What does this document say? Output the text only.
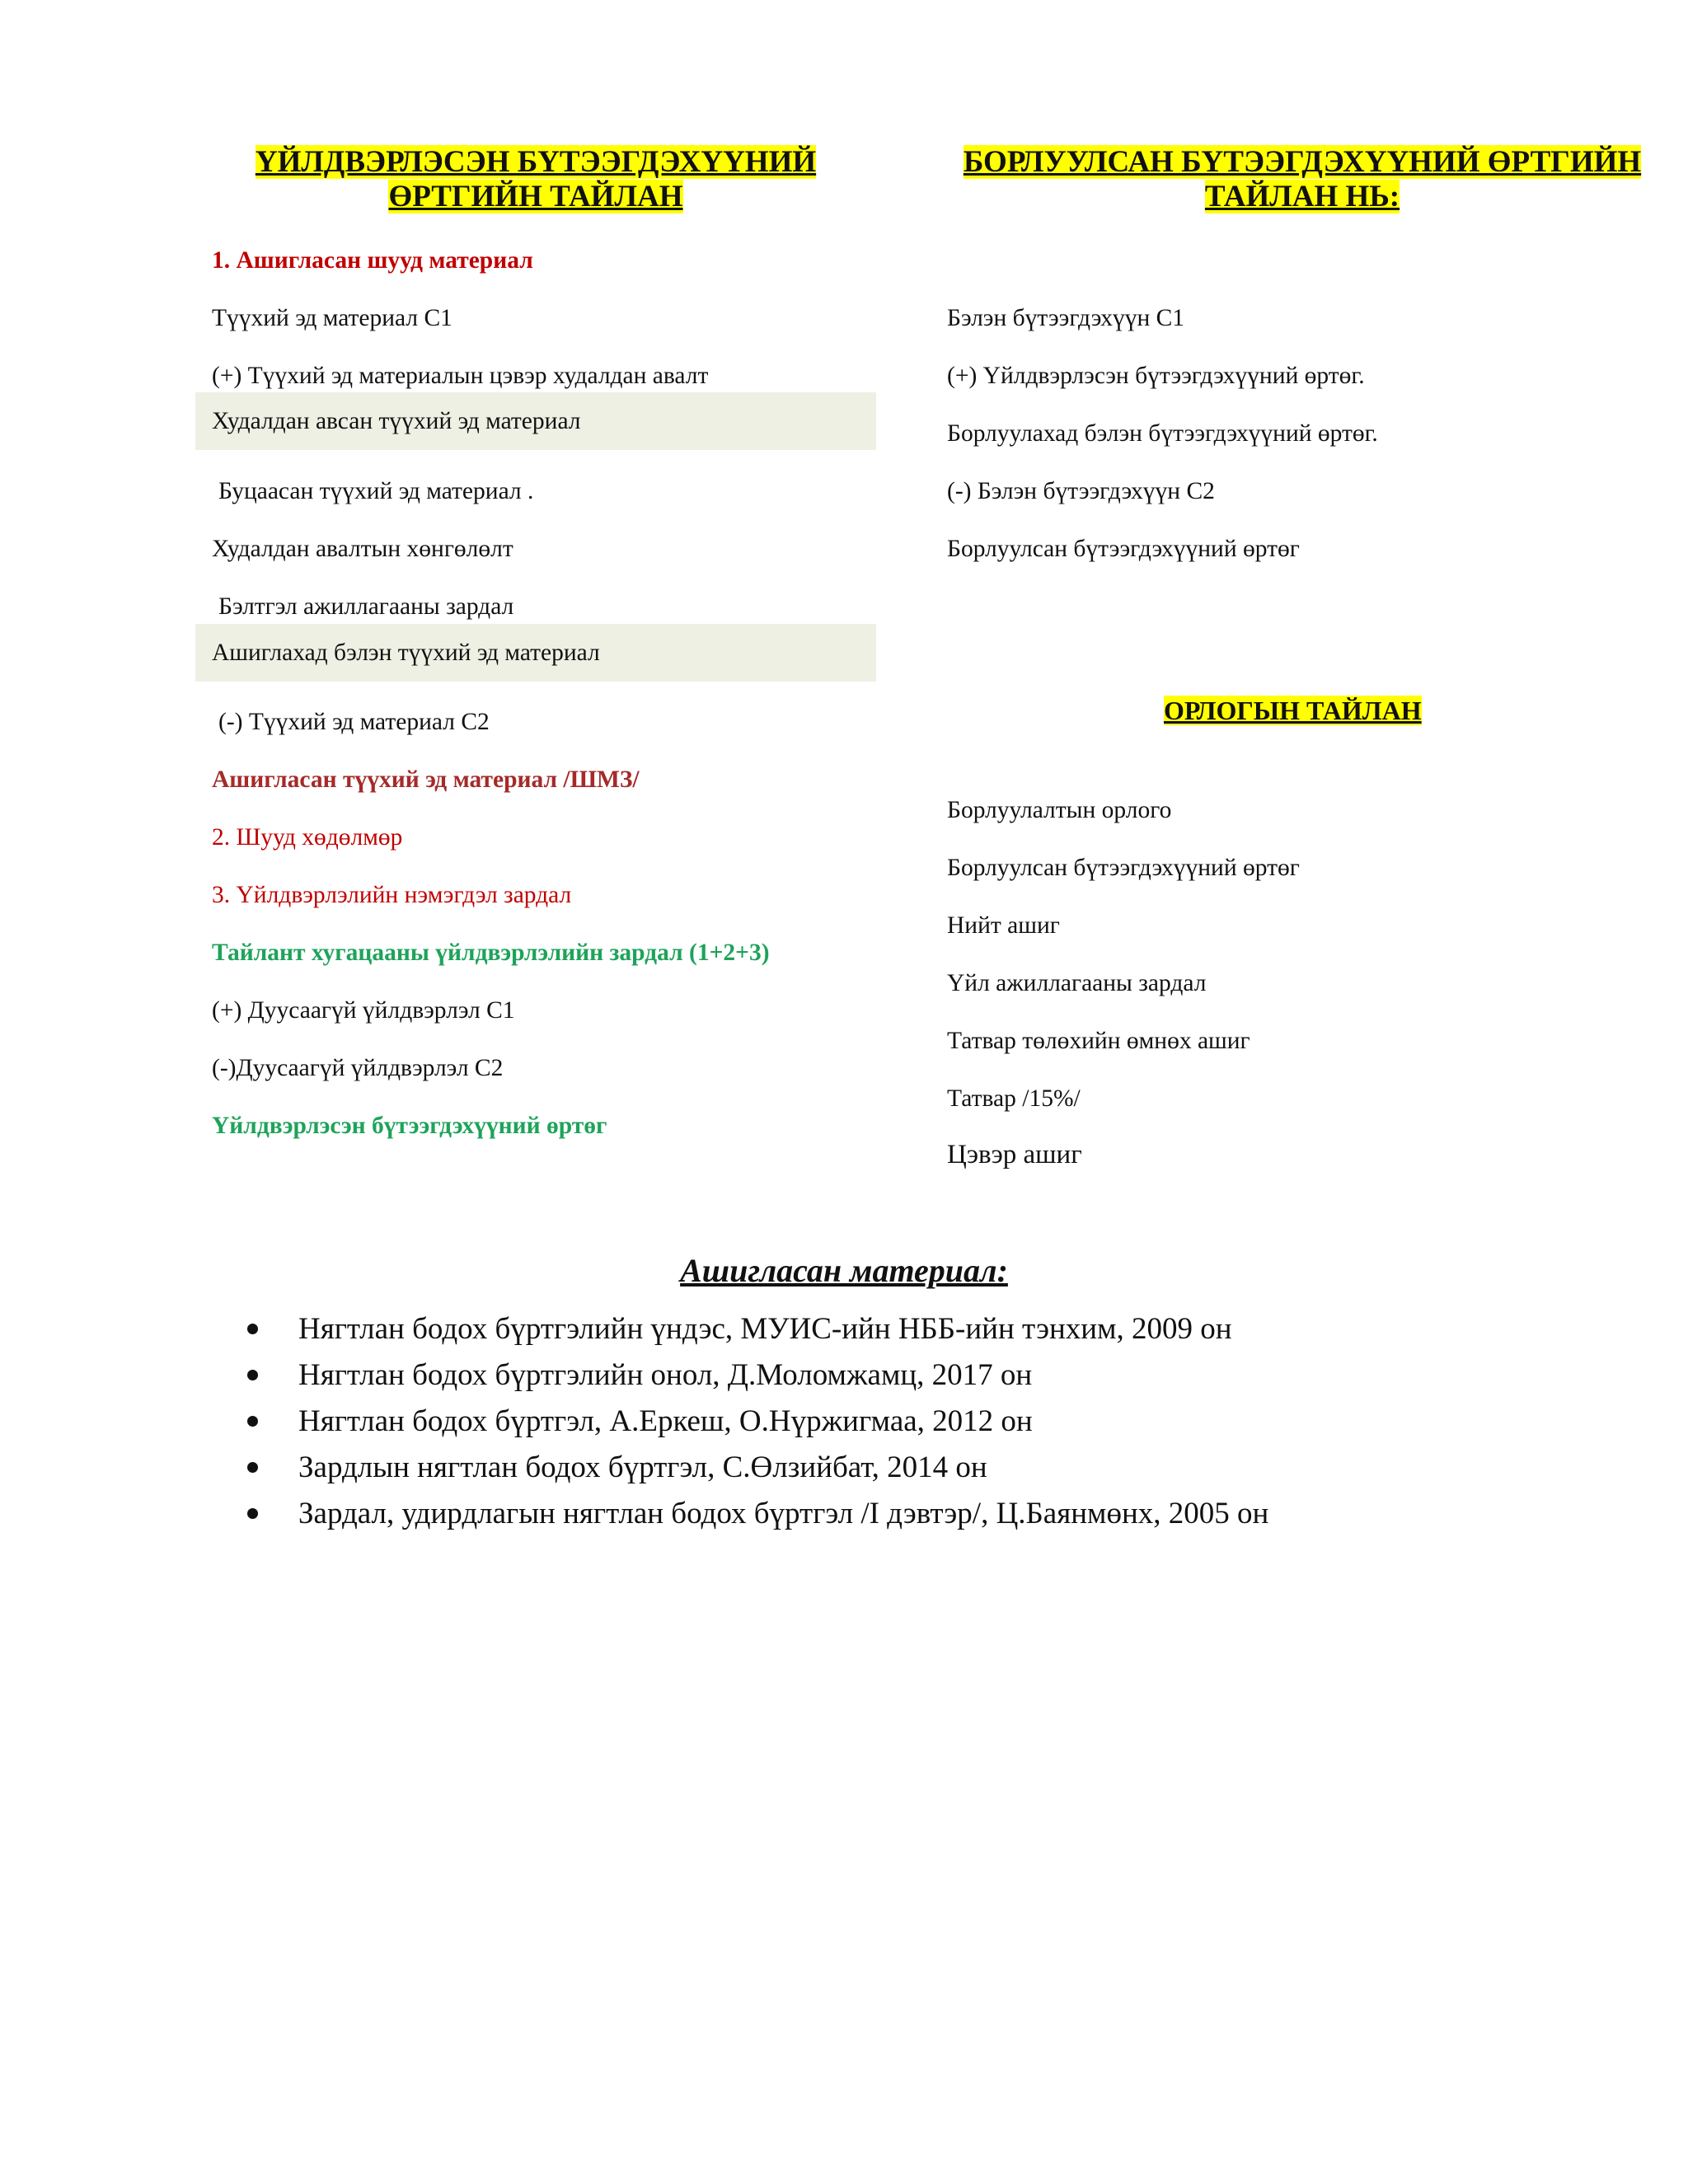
ҮЙЛДВЭРЛЭСЭН БҮТЭЭГДЭХҮҮНИЙ
ӨРТГИЙН ТАЙЛАН
1. Ашигласан шууд материал
Түүхий эд материал С1
(+) Түүхий эд материалын цэвэр худалдан авалт
Худалдан авсан түүхий эд материал
Буцаасан түүхий эд материал .
Худалдан авалтын хөнгөлөлт
Бэлтгэл ажиллагааны зардал
Ашиглахад бэлэн түүхий эд материал
(-) Түүхий эд материал С2
Ашигласан түүхий эд материал /ШМЗ/
2. Шууд хөдөлмөр
3. Үйлдвэрлэлийн нэмэгдэл зардал
Тайлант хугацааны үйлдвэрлэлийн зардал (1+2+3)
(+) Дуусаагүй үйлдвэрлэл С1
(-)Дуусаагүй үйлдвэрлэл С2
Үйлдвэрлэсэн бүтээгдэхүүний өртөг
БОРЛУУЛСАН БҮТЭЭГДЭХҮҮНИЙ ӨРТГИЙН
ТАЙЛАН НЬ:
Бэлэн бүтээгдэхүүн С1
(+) Үйлдвэрлэсэн бүтээгдэхүүний өртөг.
Борлуулахад бэлэн бүтээгдэхүүний өртөг.
(-) Бэлэн бүтээгдэхүүн С2
Борлуулсан бүтээгдэхүүний өртөг
Борлуулалтын орлого
Борлуулсан бүтээгдэхүүний өртөг
Нийт ашиг
Үйл ажиллагааны зардал
Татвар төлөхийн өмнөх ашиг
Татвар /15%/
Цэвэр ашиг
ОРЛОГЫН ТАЙЛАН
Ашигласан материал:
Нягтлан бодох бүртгэлийн үндэс, МУИС-ийн НББ-ийн тэнхим, 2009 он
Нягтлан бодох бүртгэлийн онол, Д.Моломжамц, 2017 он
Нягтлан бодох бүртгэл, А.Еркеш, О.Нүржигмаа, 2012 он
Зардлын нягтлан бодох бүртгэл, С.Өлзийбат, 2014 он
Зардал, удирдлагын нягтлан бодох бүртгэл /I дэвтэр/, Ц.Баянмөнх, 2005 он
